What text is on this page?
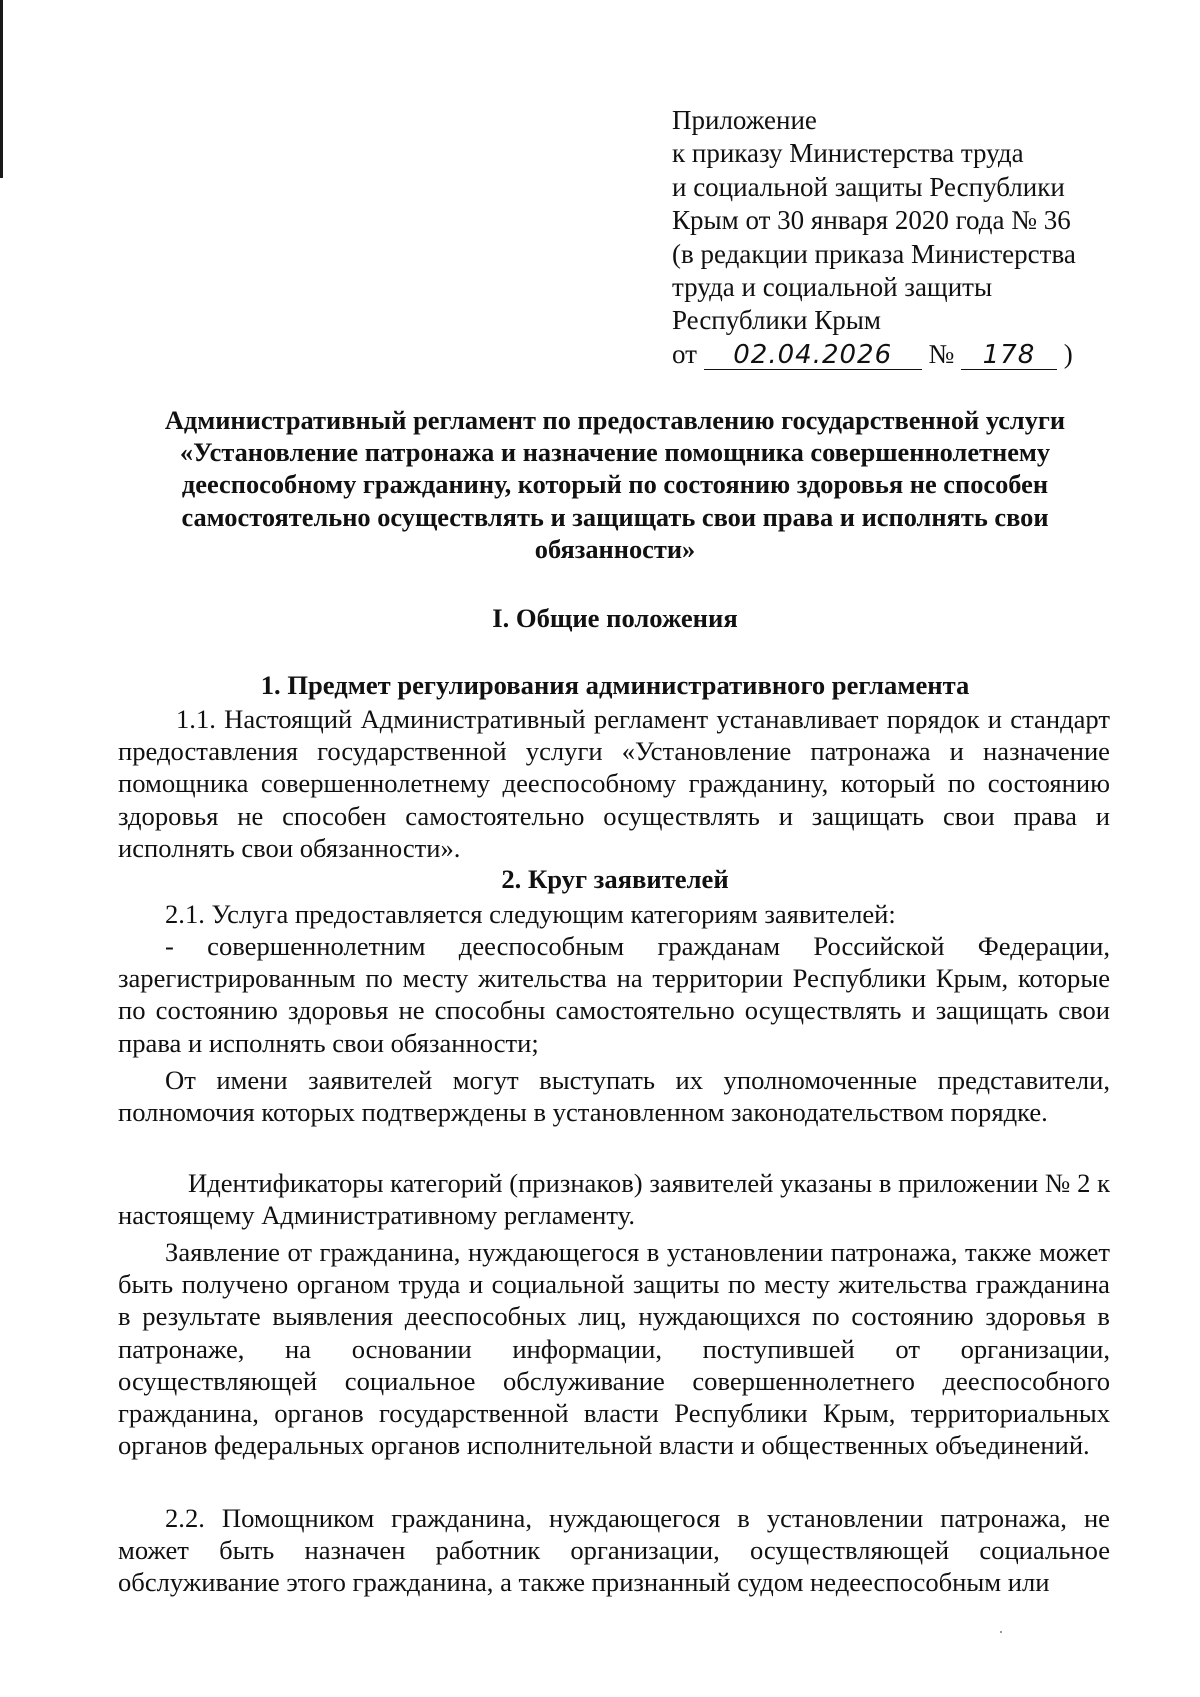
Приложение
к приказу Министерства труда
и социальной защиты Республики
Крым от 30 января 2020 года № 36
(в редакции приказа Министерства
труда и социальной защиты
Республики Крым
от 02.04.2026 № 178 )
Административный регламент по предоставлению государственной услуги «Установление патронажа и назначение помощника совершеннолетнему дееспособному гражданину, который по состоянию здоровья не способен самостоятельно осуществлять и защищать свои права и исполнять свои обязанности»
I. Общие положения
1. Предмет регулирования административного регламента
1.1. Настоящий Административный регламент устанавливает порядок и стандарт предоставления государственной услуги «Установление патронажа и назначение помощника совершеннолетнему дееспособному гражданину, который по состоянию здоровья не способен самостоятельно осуществлять и защищать свои права и исполнять свои обязанности».
2. Круг заявителей
2.1. Услуга предоставляется следующим категориям заявителей:
- совершеннолетним дееспособным гражданам Российской Федерации, зарегистрированным по месту жительства на территории Республики Крым, которые по состоянию здоровья не способны самостоятельно осуществлять и защищать свои права и исполнять свои обязанности;
От имени заявителей могут выступать их уполномоченные представители, полномочия которых подтверждены в установленном законодательством порядке.
Идентификаторы категорий (признаков) заявителей указаны в приложении № 2 к настоящему Административному регламенту.
Заявление от гражданина, нуждающегося в установлении патронажа, также может быть получено органом труда и социальной защиты по месту жительства гражданина в результате выявления дееспособных лиц, нуждающихся по состоянию здоровья в патронаже, на основании информации, поступившей от организации, осуществляющей социальное обслуживание совершеннолетнего дееспособного гражданина, органов государственной власти Республики Крым, территориальных органов федеральных органов исполнительной власти и общественных объединений.
2.2. Помощником гражданина, нуждающегося в установлении патронажа, не может быть назначен работник организации, осуществляющей социальное обслуживание этого гражданина, а также признанный судом недееспособным или
